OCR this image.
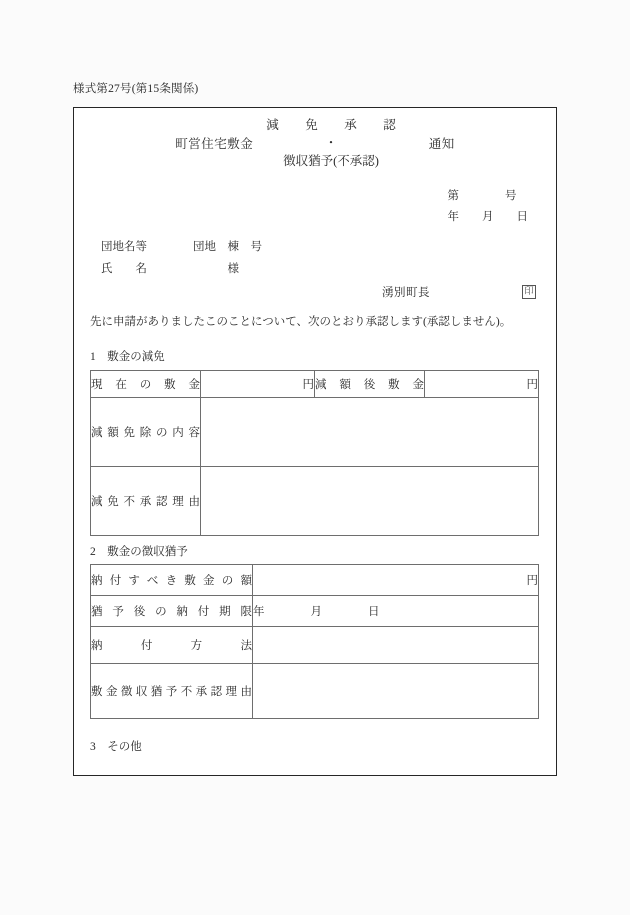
様式第27号(第15条関係)
町営住宅敷金
減　免　承　認
・
徴収猶予(不承認)
通知
第　　　　号
年　　月　　日
団地名等　　　　団地　棟　号
氏　　名　　　　　　　様
湧別町長	印
先に申請がありましたこのことについて、次のとおり承認します(承認しません)。
1　敷金の減免
現在の敷金	円	減額後敷金	円
減額免除の内容			
減免不承認理由			
2　敷金の徴収猶予
納付すべき敷金の額	円
猶予後の納付期限	年　　　　月　　　　日
納付方法	
敷金徴収猶予不承認理由	
3　その他
